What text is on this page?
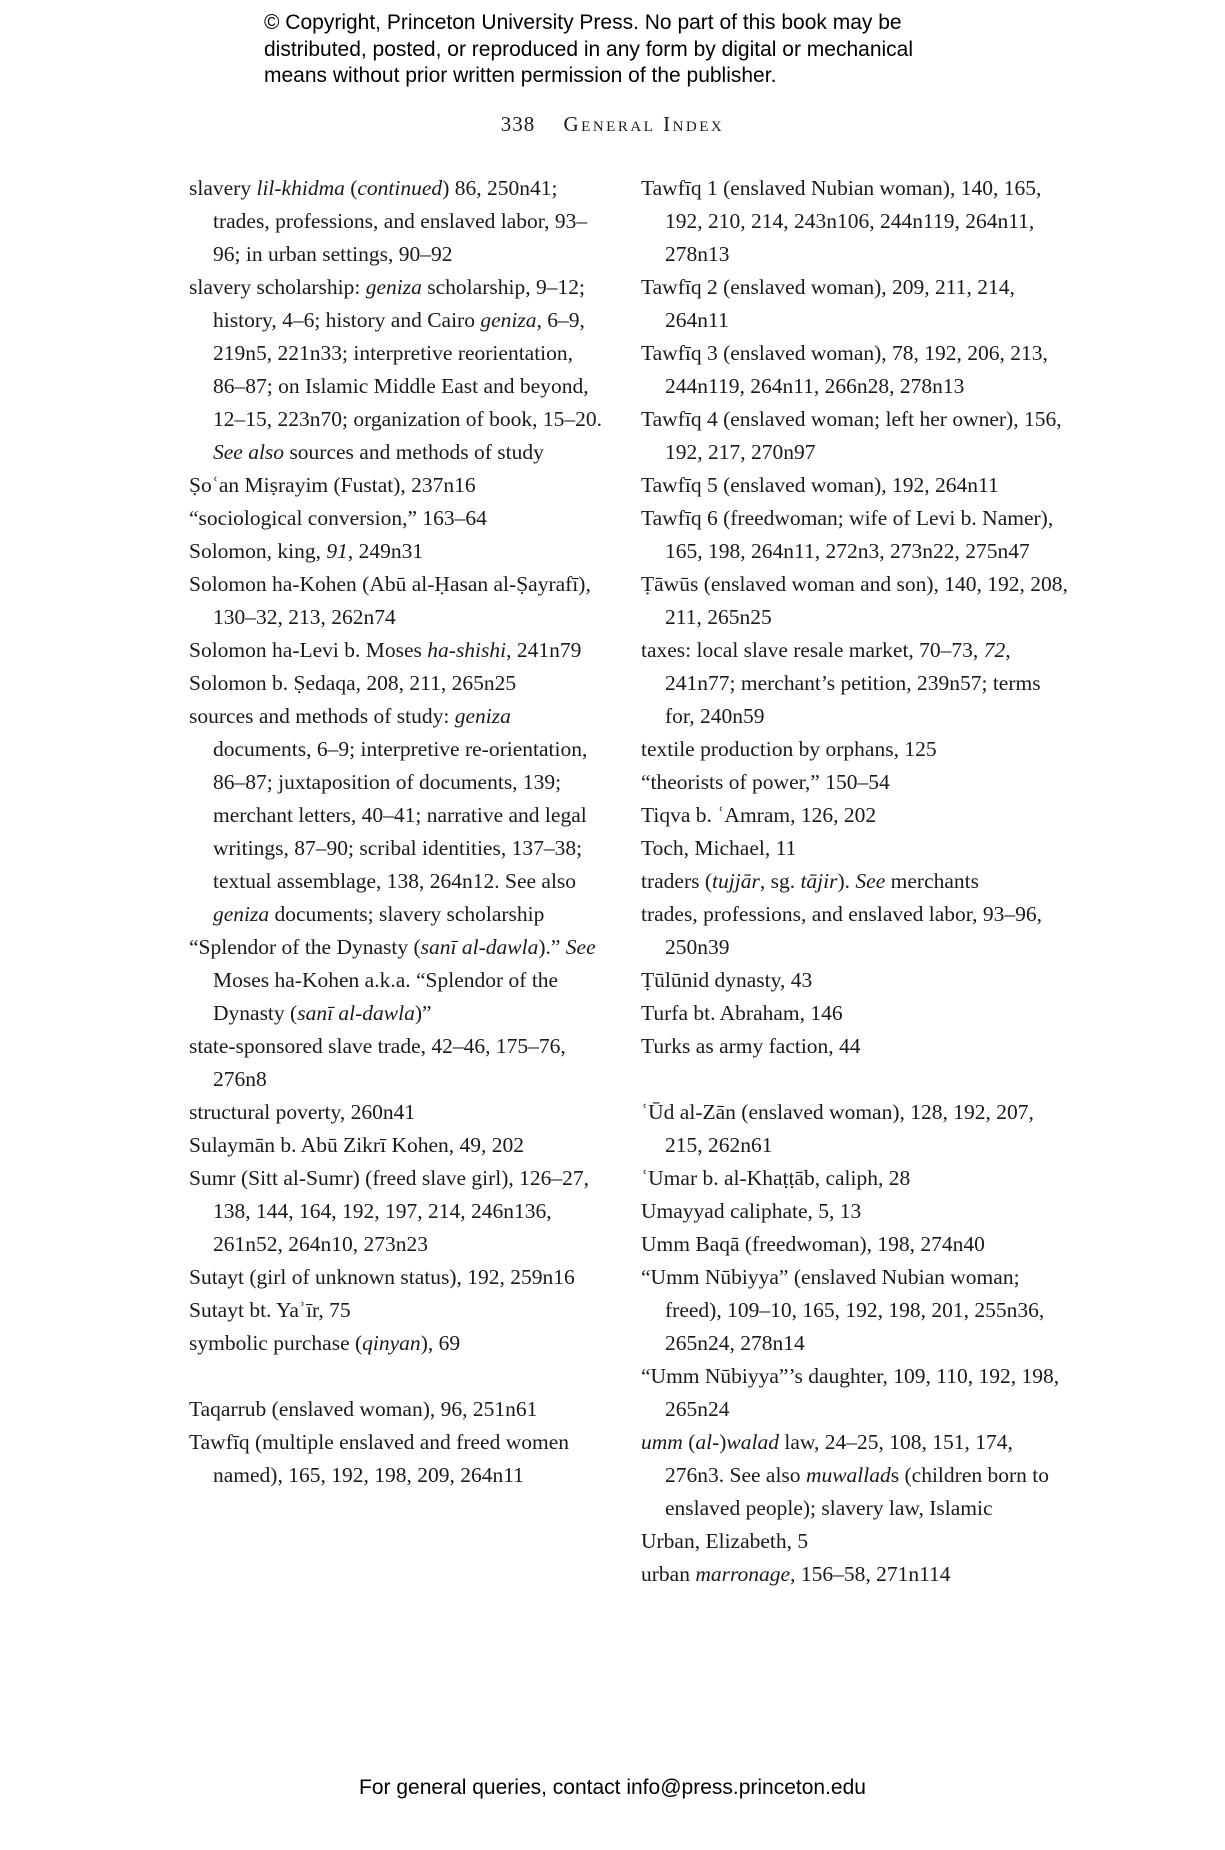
© Copyright, Princeton University Press. No part of this book may be
distributed, posted, or reproduced in any form by digital or mechanical
means without prior written permission of the publisher.
338 General Index

slavery lil-khidma (continued) 86, 250n41; trades, professions, and enslaved labor, 93–96; in urban settings, 90–92

slavery scholarship: geniza scholarship, 9–12; history, 4–6; history and Cairo geniza, 6–9, 219n5, 221n33; interpretive reorientation, 86–87; on Islamic Middle East and beyond, 12–15, 223n70; organization of book, 15–20. See also sources and methods of study

Ṣoʿan Miṣrayim (Fustat), 237n16

“sociological conversion,” 163–64

Solomon, king, 91, 249n31

Solomon ha-Kohen (Abū al-Ḥasan al-Ṣayrafī), 130–32, 213, 262n74

Solomon ha-Levi b. Moses ha-shishi, 241n79

Solomon b. Ṣedaqa, 208, 211, 265n25

sources and methods of study: geniza documents, 6–9; interpretive re-orientation, 86–87; juxtaposition of documents, 139; merchant letters, 40–41; narrative and legal writings, 87–90; scribal identities, 137–38; textual assemblage, 138, 264n12. See also geniza documents; slavery scholarship

“Splendor of the Dynasty (sanī al-dawla).” See Moses ha-Kohen a.k.a. “Splendor of the Dynasty (sanī al-dawla)”

state-sponsored slave trade, 42–46, 175–76, 276n8

structural poverty, 260n41

Sulaymān b. Abū Zikrī Kohen, 49, 202

Sumr (Sitt al-Sumr) (freed slave girl), 126–27, 138, 144, 164, 192, 197, 214, 246n136, 261n52, 264n10, 273n23

Sutayt (girl of unknown status), 192, 259n16

Sutayt bt. Yaʾīr, 75

symbolic purchase (qinyan), 69

Taqarrub (enslaved woman), 96, 251n61

Tawfīq (multiple enslaved and freed women named), 165, 192, 198, 209, 264n11

Tawfīq 1 (enslaved Nubian woman), 140, 165, 192, 210, 214, 243n106, 244n119, 264n11, 278n13

Tawfīq 2 (enslaved woman), 209, 211, 214, 264n11

Tawfīq 3 (enslaved woman), 78, 192, 206, 213, 244n119, 264n11, 266n28, 278n13

Tawfīq 4 (enslaved woman; left her owner), 156, 192, 217, 270n97

Tawfīq 5 (enslaved woman), 192, 264n11

Tawfīq 6 (freedwoman; wife of Levi b. Namer), 165, 198, 264n11, 272n3, 273n22, 275n47

Ṭāwūs (enslaved woman and son), 140, 192, 208, 211, 265n25

taxes: local slave resale market, 70–73, 72, 241n77; merchant’s petition, 239n57; terms for, 240n59

textile production by orphans, 125

“theorists of power,” 150–54

Tiqva b. ʿAmram, 126, 202

Toch, Michael, 11

traders (tujjār, sg. tājir). See merchants

trades, professions, and enslaved labor, 93–96, 250n39

Ṭūlūnid dynasty, 43

Turfa bt. Abraham, 146

Turks as army faction, 44

ʿŪd al-Zān (enslaved woman), 128, 192, 207, 215, 262n61

ʿUmar b. al-Khaṭṭāb, caliph, 28

Umayyad caliphate, 5, 13

Umm Baqā (freedwoman), 198, 274n40

“Umm Nūbiyya” (enslaved Nubian woman; freed), 109–10, 165, 192, 198, 201, 255n36, 265n24, 278n14

“Umm Nūbiyya”’s daughter, 109, 110, 192, 198, 265n24

umm (al-)walad law, 24–25, 108, 151, 174, 276n3. See also muwallads (children born to enslaved people); slavery law, Islamic

Urban, Elizabeth, 5

urban marronage, 156–58, 271n114

For general queries, contact info@press.princeton.edu
